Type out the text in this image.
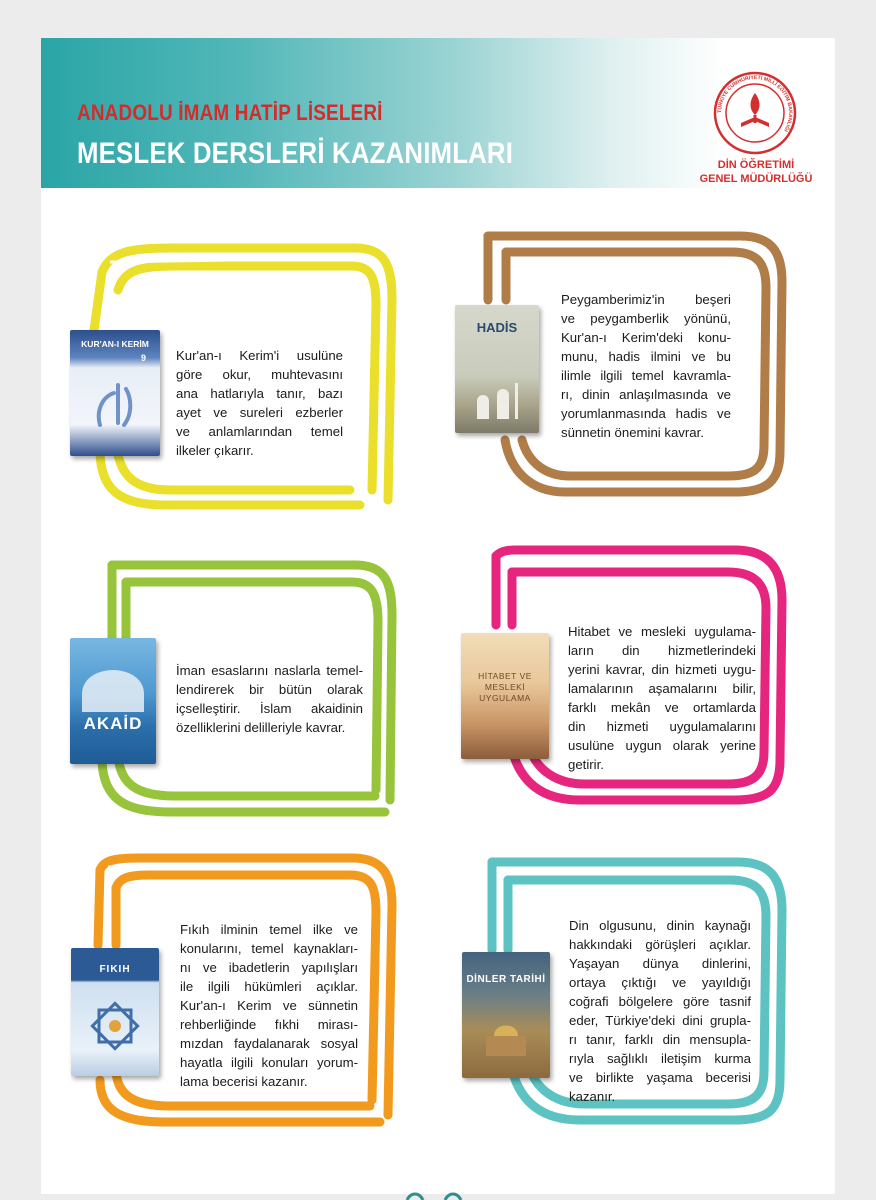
ANADOLU İMAM HATİP LİSELERİ
MESLEK DERSLERİ KAZANIMLARI
TÜRKİYE CUMHURİYETİ MİLLÎ EĞİTİM BAKANLIĞI
DİN ÖĞRETİMİ
GENEL MÜDÜRLÜĞÜ
KUR'AN-I KERİM
9 Kur'an-ı Kerim'i usulüne

göre okur, muhtevasını

ana hatlarıyla tanır, bazı

ayet ve sureleri ezberler

ve anlamlarından temel

ilkeler çıkarır.

HADİS

Peygamberimiz'in beşeri

ve peygamberlik yönünü,

Kur'an-ı Kerim'deki konu-

munu, hadis ilmini ve bu

ilimle ilgili temel kavramla-

rı, dinin anlaşılmasında ve

yorumlanmasında hadis ve

sünnetin önemini kavrar.

AKAİD

İman esaslarını naslarla temel-

lendirerek bir bütün olarak

içselleştirir. İslam akaidinin

özelliklerini delilleriyle kavrar.

HİTABET VE MESLEKİ UYGULAMA

Hitabet ve mesleki uygulama-

ların din hizmetlerindeki

yerini kavrar, din hizmeti uygu-

lamalarının aşamalarını bilir,

farklı mekân ve ortamlarda

din hizmeti uygulamalarını

usulüne uygun olarak yerine

getirir.

FIKIH

Fıkıh ilminin temel ilke ve

konularını, temel kaynakları-

nı ve ibadetlerin yapılışları

ile ilgili hükümleri açıklar.

Kur'an-ı Kerim ve sünnetin

rehberliğinde fıkhi mirası-

mızdan faydalanarak sosyal

hayatla ilgili konuları yorum-

lama becerisi kazanır.

DİNLER TARİHİ

Din olgusunu, dinin kaynağı

hakkındaki görüşleri açıklar.

Yaşayan dünya dinlerini,

ortaya çıktığı ve yayıldığı

coğrafi bölgelere göre tasnif

eder, Türkiye'deki dini grupla-

rı tanır, farklı din mensupla-

rıyla sağlıklı iletişim kurma

ve birlikte yaşama becerisi

kazanır.
